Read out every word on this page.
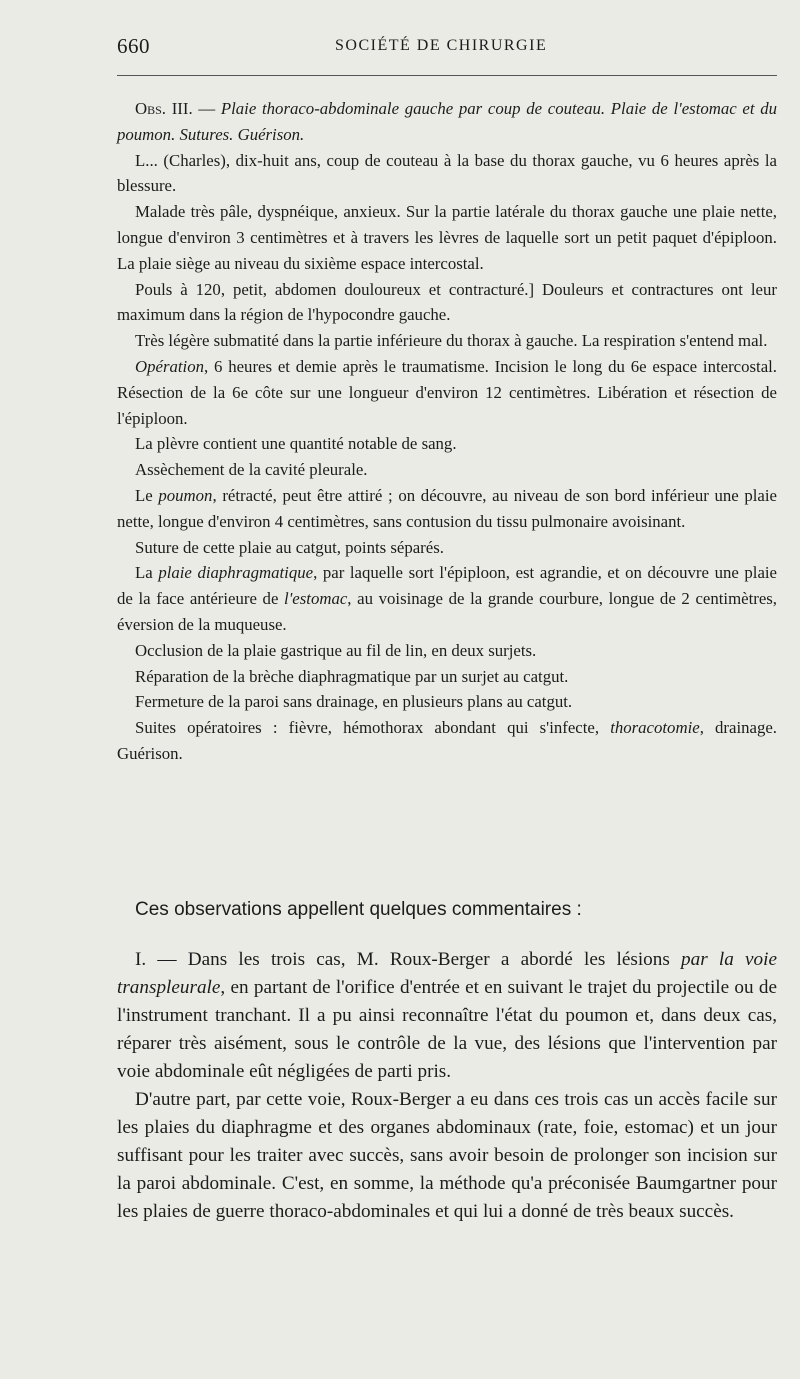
660	SOCIÉTÉ DE CHIRURGIE

Obs. III. — Plaie thoraco-abdominale gauche par coup de couteau. Plaie de l'estomac et du poumon. Sutures. Guérison.

L... (Charles), dix-huit ans, coup de couteau à la base du thorax gauche, vu 6 heures après la blessure.

Malade très pâle, dyspnéique, anxieux. Sur la partie latérale du thorax gauche une plaie nette, longue d'environ 3 centimètres et à travers les lèvres de laquelle sort un petit paquet d'épiploon. La plaie siège au niveau du sixième espace intercostal.

Pouls à 120, petit, abdomen douloureux et contracturé.] Douleurs et contractures ont leur maximum dans la région de l'hypocondre gauche.

Très légère submatité dans la partie inférieure du thorax à gauche. La respiration s'entend mal.

Opération, 6 heures et demie après le traumatisme. Incision le long du 6e espace intercostal. Résection de la 6e côte sur une longueur d'environ 12 centimètres. Libération et résection de l'épiploon.

La plèvre contient une quantité notable de sang.

Assèchement de la cavité pleurale.

Le poumon, rétracté, peut être attiré ; on découvre, au niveau de son bord inférieur une plaie nette, longue d'environ 4 centimètres, sans contusion du tissu pulmonaire avoisinant.

Suture de cette plaie au catgut, points séparés.

La plaie diaphragmatique, par laquelle sort l'épiploon, est agrandie, et on découvre une plaie de la face antérieure de l'estomac, au voisinage de la grande courbure, longue de 2 centimètres, éversion de la muqueuse.

Occlusion de la plaie gastrique au fil de lin, en deux surjets.

Réparation de la brèche diaphragmatique par un surjet au catgut.

Fermeture de la paroi sans drainage, en plusieurs plans au catgut.

Suites opératoires : fièvre, hémothorax abondant qui s'infecte, thoracotomie, drainage. Guérison.

Ces observations appellent quelques commentaires :

I. — Dans les trois cas, M. Roux-Berger a abordé les lésions par la voie transpleurale, en partant de l'orifice d'entrée et en suivant le trajet du projectile ou de l'instrument tranchant. Il a pu ainsi reconnaître l'état du poumon et, dans deux cas, réparer très aisément, sous le contrôle de la vue, des lésions que l'intervention par voie abdominale eût négligées de parti pris.

D'autre part, par cette voie, Roux-Berger a eu dans ces trois cas un accès facile sur les plaies du diaphragme et des organes abdominaux (rate, foie, estomac) et un jour suffisant pour les traiter avec succès, sans avoir besoin de prolonger son incision sur la paroi abdominale. C'est, en somme, la méthode qu'a préconisée Baumgartner pour les plaies de guerre thoraco-abdominales et qui lui a donné de très beaux succès.
